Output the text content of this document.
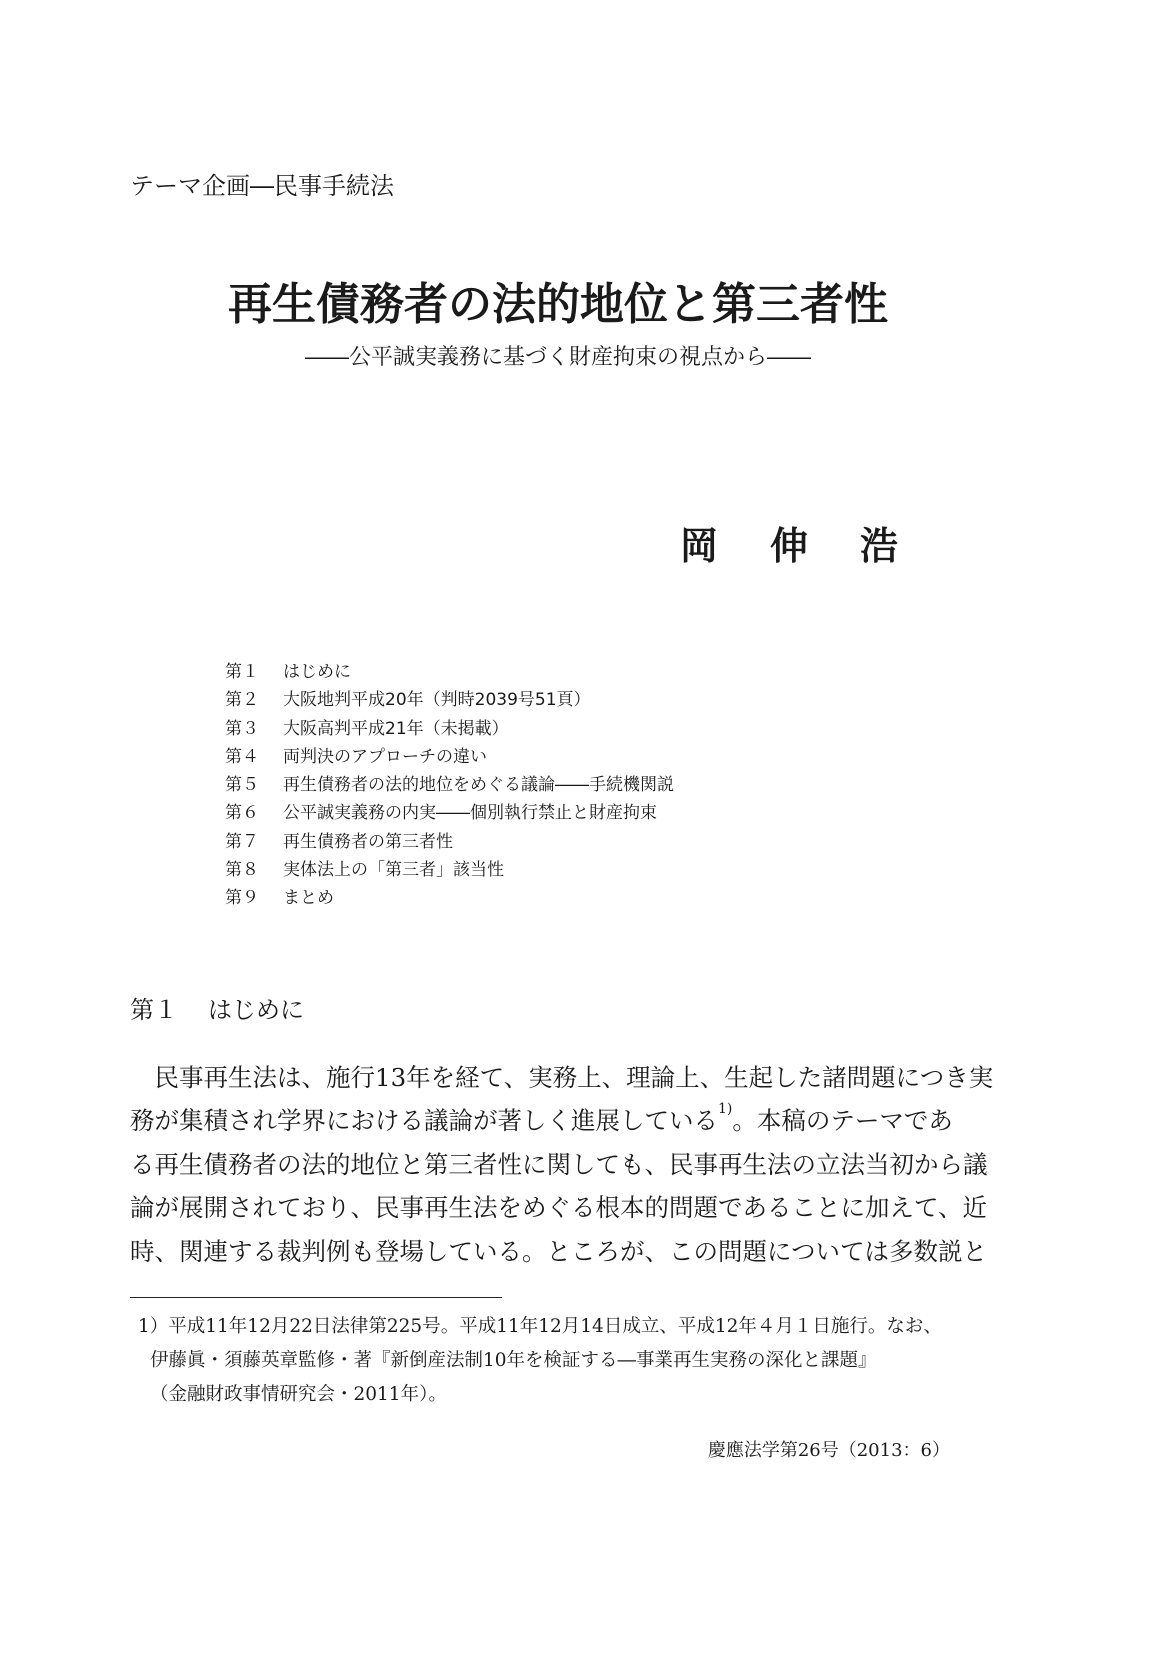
テーマ企画―民事手続法
再生債務者の法的地位と第三者性
――公平誠実義務に基づく財産拘束の視点から――
岡 伸 浩
第１ はじめに
第２ 大阪地判平成20年（判時2039号51頁）
第３ 大阪高判平成21年（未掲載）
第４ 両判決のアプローチの違い
第５ 再生債務者の法的地位をめぐる議論――手続機関説
第６ 公平誠実義務の内実――個別執行禁止と財産拘束
第７ 再生債務者の第三者性
第８ 実体法上の「第三者」該当性
第９ まとめ
第１ はじめに
　民事再生法は、施行13年を経て、実務上、理論上、生起した諸問題につき実
務が集積され学界における議論が著しく進展している$^{1)}$。本稿のテーマであ
る再生債務者の法的地位と第三者性に関しても、民事再生法の立法当初から議
論が展開されており、民事再生法をめぐる根本的問題であることに加えて、近
時、関連する裁判例も登場している。ところが、この問題については多数説と
1）平成11年12月22日法律第225号。平成11年12月14日成立、平成12年４月１日施行。なお、
伊藤眞・須藤英章監修・著『新倒産法制10年を検証する―事業再生実務の深化と課題』
（金融財政事情研究会・2011年）。
慶應法学第26号（2013：6）
